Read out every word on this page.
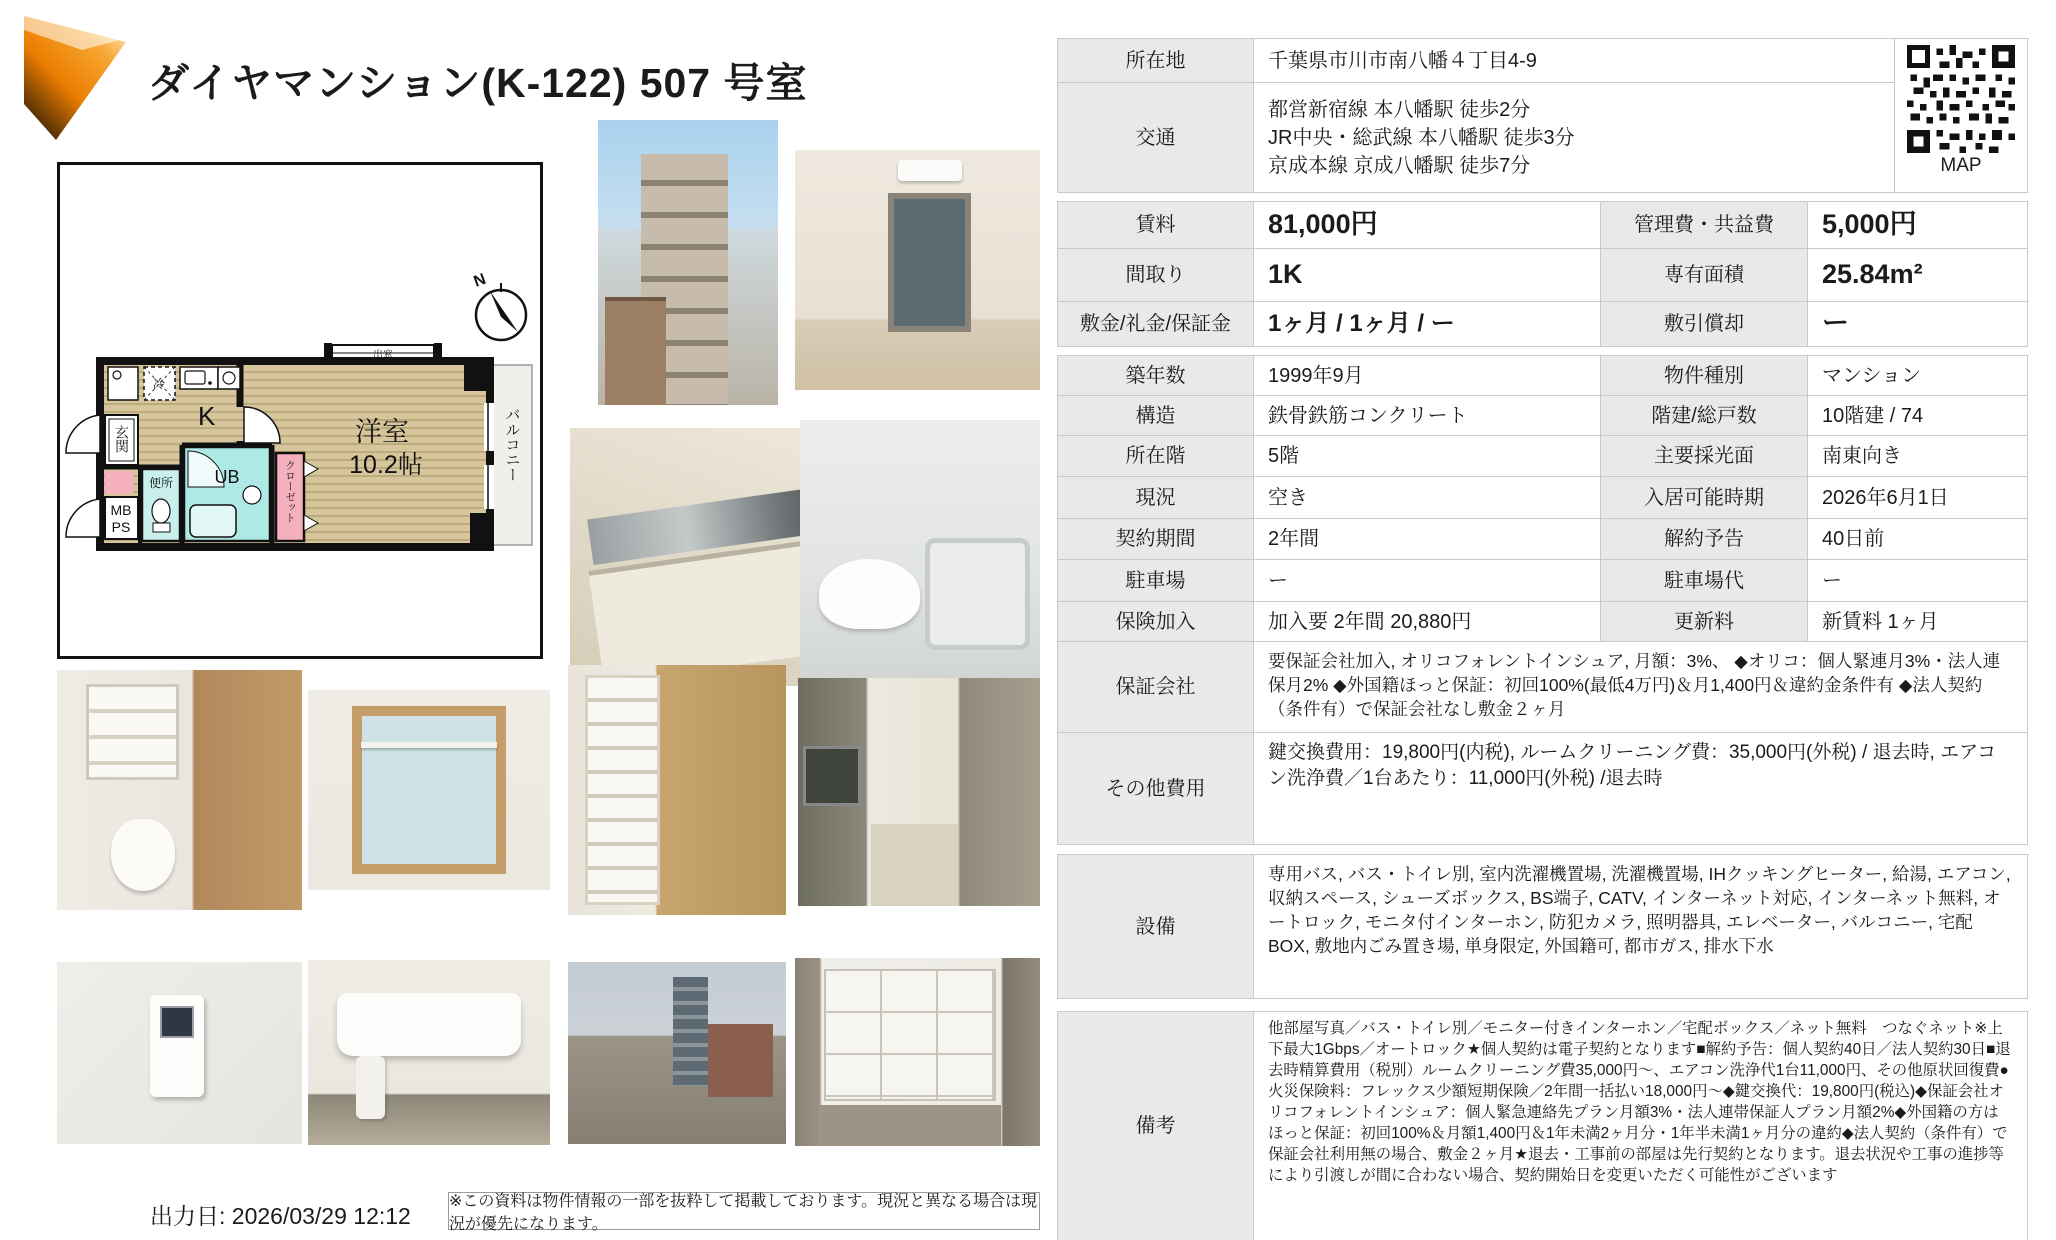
ダイヤマンション(K-122) 507 号室
N
出窓
バルコニー
冷
K
玄関
MB
PS
便所 UB	クローゼット
洋室
10.2帖
所在地	千葉県市川市南八幡４丁目4-9
MAP
交通
都営新宿線 本八幡駅 徒歩2分
JR中央・総武線 本八幡駅 徒歩3分
京成本線 京成八幡駅 徒歩7分
賃料	81,000円	管理費・共益費	5,000円
間取り	1K	専有面積	25.84m²
敷金/礼金/保証金	1ヶ月 / 1ヶ月 / ー	敷引償却	ー
築年数	1999年9月	物件種別	マンション
構造	鉄骨鉄筋コンクリート	階建/総戸数	10階建 / 74
所在階	5階	主要採光面	南東向き
現況	空き	入居可能時期	2026年6月1日
契約期間	2年間	解約予告	40日前
駐車場	ー	駐車場代	ー
保険加入	加入要 2年間 20,880円	更新料	新賃料 1ヶ月
保証会社
要保証会社加入, オリコフォレントインシュア, 月額：3%、 ◆オリコ：個人緊連月3%・法人連保月2% ◆外国籍ほっと保証：初回100%(最低4万円)＆月1,400円＆違約金条件有 ◆法人契約（条件有）で保証会社なし敷金２ヶ月
その他費用
鍵交換費用：19,800円(内税), ルームクリーニング費：35,000円(外税) / 退去時, エアコン洗浄費／1台あたり：11,000円(外税) /退去時
設備
専用バス, バス・トイレ別, 室内洗濯機置場, 洗濯機置場, IHクッキングヒーター, 給湯, エアコン, 収納スペース, シューズボックス, BS端子, CATV, インターネット対応, インターネット無料, オートロック, モニタ付インターホン, 防犯カメラ, 照明器具, エレベーター, バルコニー, 宅配BOX, 敷地内ごみ置き場, 単身限定, 外国籍可, 都市ガス, 排水下水
備考
他部屋写真／バス・トイレ別／モニター付きインターホン／宅配ボックス／ネット無料　つなぐネット※上下最大1Gbps／オートロック★個人契約は電子契約となります■解約予告：個人契約40日／法人契約30日■退去時精算費用（税別）ルームクリーニング費35,000円～、エアコン洗浄代1台11,000円、その他原状回復費●火災保険料：フレックス少額短期保険／2年間一括払い18,000円～◆鍵交換代：19,800円(税込)◆保証会社オリコフォレントインシュア：個人緊急連絡先プラン月額3%・法人連帯保証人プラン月額2%◆外国籍の方はほっと保証：初回100%＆月額1,400円＆1年未満2ヶ月分・1年半未満1ヶ月分の違約◆法人契約（条件有）で保証会社利用無の場合、敷金２ヶ月★退去・工事前の部屋は先行契約となります。退去状況や工事の進捗等により引渡しが間に合わない場合、契約開始日を変更いただく可能性がございます
出力日: 2026/03/29 12:12
※この資料は物件情報の一部を抜粋して掲載しております。現況と異なる場合は現況が優先になります。
